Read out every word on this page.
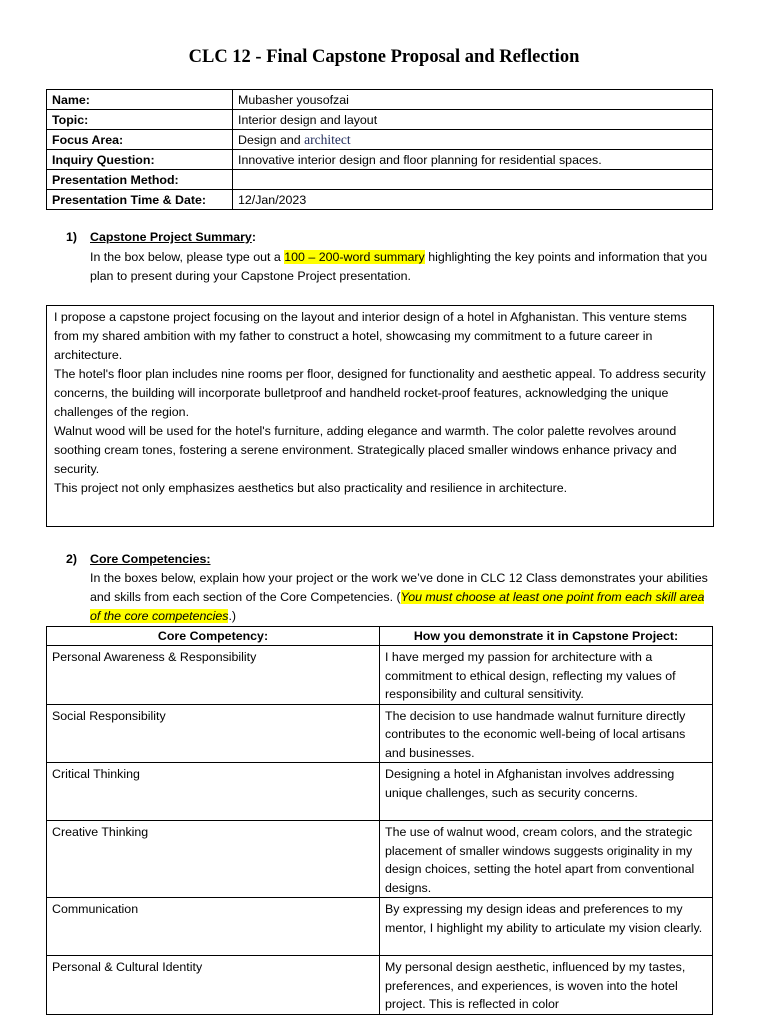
CLC 12 - Final Capstone Proposal and Reflection
Name:	Mubasher yousofzai
Topic:	Interior design and layout
Focus Area:	Design and architect
Inquiry Question:	Innovative interior design and floor planning for residential spaces.
Presentation Method:	
Presentation Time & Date:	12/Jan/2023
1) Capstone Project Summary:
In the box below, please type out a 100 – 200-word summary highlighting the key points and information that you plan to present during your Capstone Project presentation.

I propose a capstone project focusing on the layout and interior design of a hotel in Afghanistan. This venture stems from my shared ambition with my father to construct a hotel, showcasing my commitment to a future career in architecture.

The hotel's floor plan includes nine rooms per floor, designed for functionality and aesthetic appeal. To address security concerns, the building will incorporate bulletproof and handheld rocket-proof features, acknowledging the unique challenges of the region.

Walnut wood will be used for the hotel's furniture, adding elegance and warmth. The color palette revolves around soothing cream tones, fostering a serene environment. Strategically placed smaller windows enhance privacy and security.

This project not only emphasizes aesthetics but also practicality and resilience in architecture.

2) Core Competencies:
In the boxes below, explain how your project or the work we’ve done in CLC 12 Class demonstrates your abilities and skills from each section of the Core Competencies. (You must choose at least one point from each skill area of the core competencies.)
Core Competency:	How you demonstrate it in Capstone Project:
Personal Awareness & Responsibility	I have merged my passion for architecture with a commitment to ethical design, reflecting my values of responsibility and cultural sensitivity.
Social Responsibility	The decision to use handmade walnut furniture directly contributes to the economic well-being of local artisans and businesses.
Critical Thinking	Designing a hotel in Afghanistan involves addressing unique challenges, such as security concerns.
Creative Thinking	The use of walnut wood, cream colors, and the strategic placement of smaller windows suggests originality in my design choices, setting the hotel apart from conventional designs.
Communication	By expressing my design ideas and preferences to my mentor, I highlight my ability to articulate my vision clearly.
Personal & Cultural Identity	My personal design aesthetic, influenced by my tastes, preferences, and experiences, is woven into the hotel project. This is reflected in color
